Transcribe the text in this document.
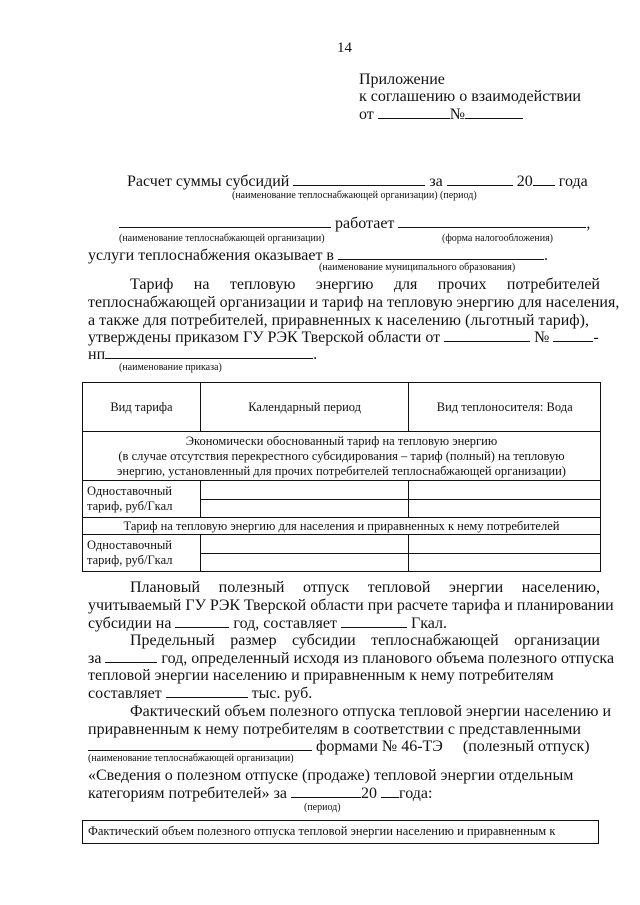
14
Приложение
к соглашению о взаимодействии
от	№
Расчет суммы субсидий	за	20 года
(наименование теплоснабжающей организации) (период)
работает	,
(наименование теплоснабжающей организации)	(форма налогообложения)
услуги теплоснабжения оказывает в	.
(наименование муниципального образования)
Тариф на тепловую энергию для прочих потребителей
теплоснабжающей организации и тариф на тепловую энергию для населения,
а также для потребителей, приравненных к населению (льготный тариф),
утверждены приказом ГУ РЭК Тверской области от	№	-
нп	.
(наименование приказа)
Вид тарифа	Календарный период	Вид теплоносителя: Вода

Экономически обоснованный тариф на тепловую энергию
(в случае отсутствия перекрестного субсидирования – тариф (полный) на тепловую
энергию, установленный для прочих потребителей теплоснабжающей организации)		

Одноставочный
тариф, руб/Гкал		

Тариф на тепловую энергию для населения и приравненных к нему потребителей		

Одноставочный
тариф, руб/Гкал		

Плановый полезный отпуск тепловой энергии населению,
учитываемый ГУ РЭК Тверской области при расчете тарифа и планировании
субсидии на	год, составляет	Гкал.
Предельный размер субсидии теплоснабжающей организации
за	год, определенный исходя из планового объема полезного отпуска
тепловой энергии населению и приравненным к нему потребителям
составляет	тыс. руб.
Фактический объем полезного отпуска тепловой энергии населению и
приравненным к нему потребителям в соответствии с представленными
формами № 46-ТЭ (полезный отпуск)
(наименование теплоснабжающей организации)
«Сведения о полезном отпуске (продаже) тепловой энергии отдельным
категориям потребителей» за	20 года:
(период)
Фактический объем полезного отпуска тепловой энергии населению и приравненным к
